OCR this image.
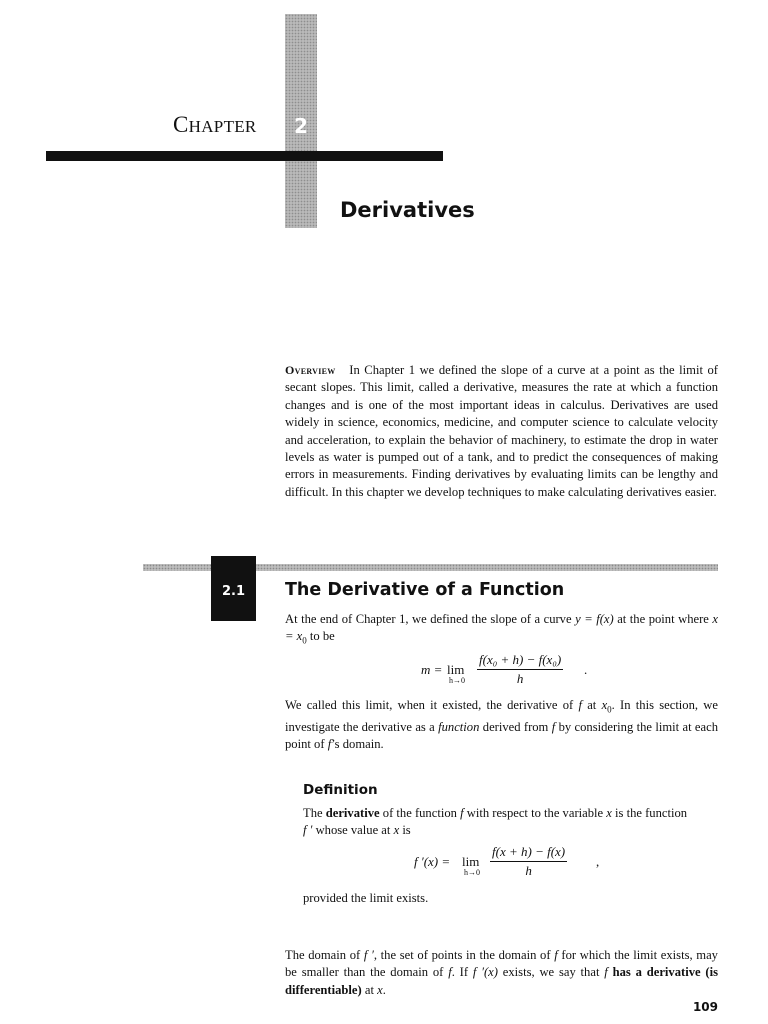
CHAPTER 2
Derivatives
Overview In Chapter 1 we defined the slope of a curve at a point as the limit of secant slopes. This limit, called a derivative, measures the rate at which a function changes and is one of the most important ideas in calculus. Derivatives are used widely in science, economics, medicine, and computer science to calculate velocity and acceleration, to explain the behavior of machinery, to estimate the drop in water levels as water is pumped out of a tank, and to predict the consequences of making errors in measurements. Finding derivatives by evaluating limits can be lengthy and difficult. In this chapter we develop techniques to make calculating derivatives easier.
2.1	The Derivative of a Function
At the end of Chapter 1, we defined the slope of a curve y = f(x) at the point where $x = x_0$ to be
m = lim
$h\to 0 \frac{\text{f(x₀ + h) − f(x₀)}}{h}$ .
We called this limit, when it existed, the derivative of f at $x_0$. In this section, we investigate the derivative as a function derived from f by considering the limit at each point of f’s domain.
Definition
The derivative of the function f with respect to the variable x is the function
f ′ whose value at x is
f ′(x) = lim
$h\to 0 \frac{f(x + h) - f(x)}{h}$ ,
provided the limit exists.
The domain of f ′, the set of points in the domain of f for which the limit exists, may be smaller than the domain of f. If f ′(x) exists, we say that f has a derivative (is differentiable) at x.
109
